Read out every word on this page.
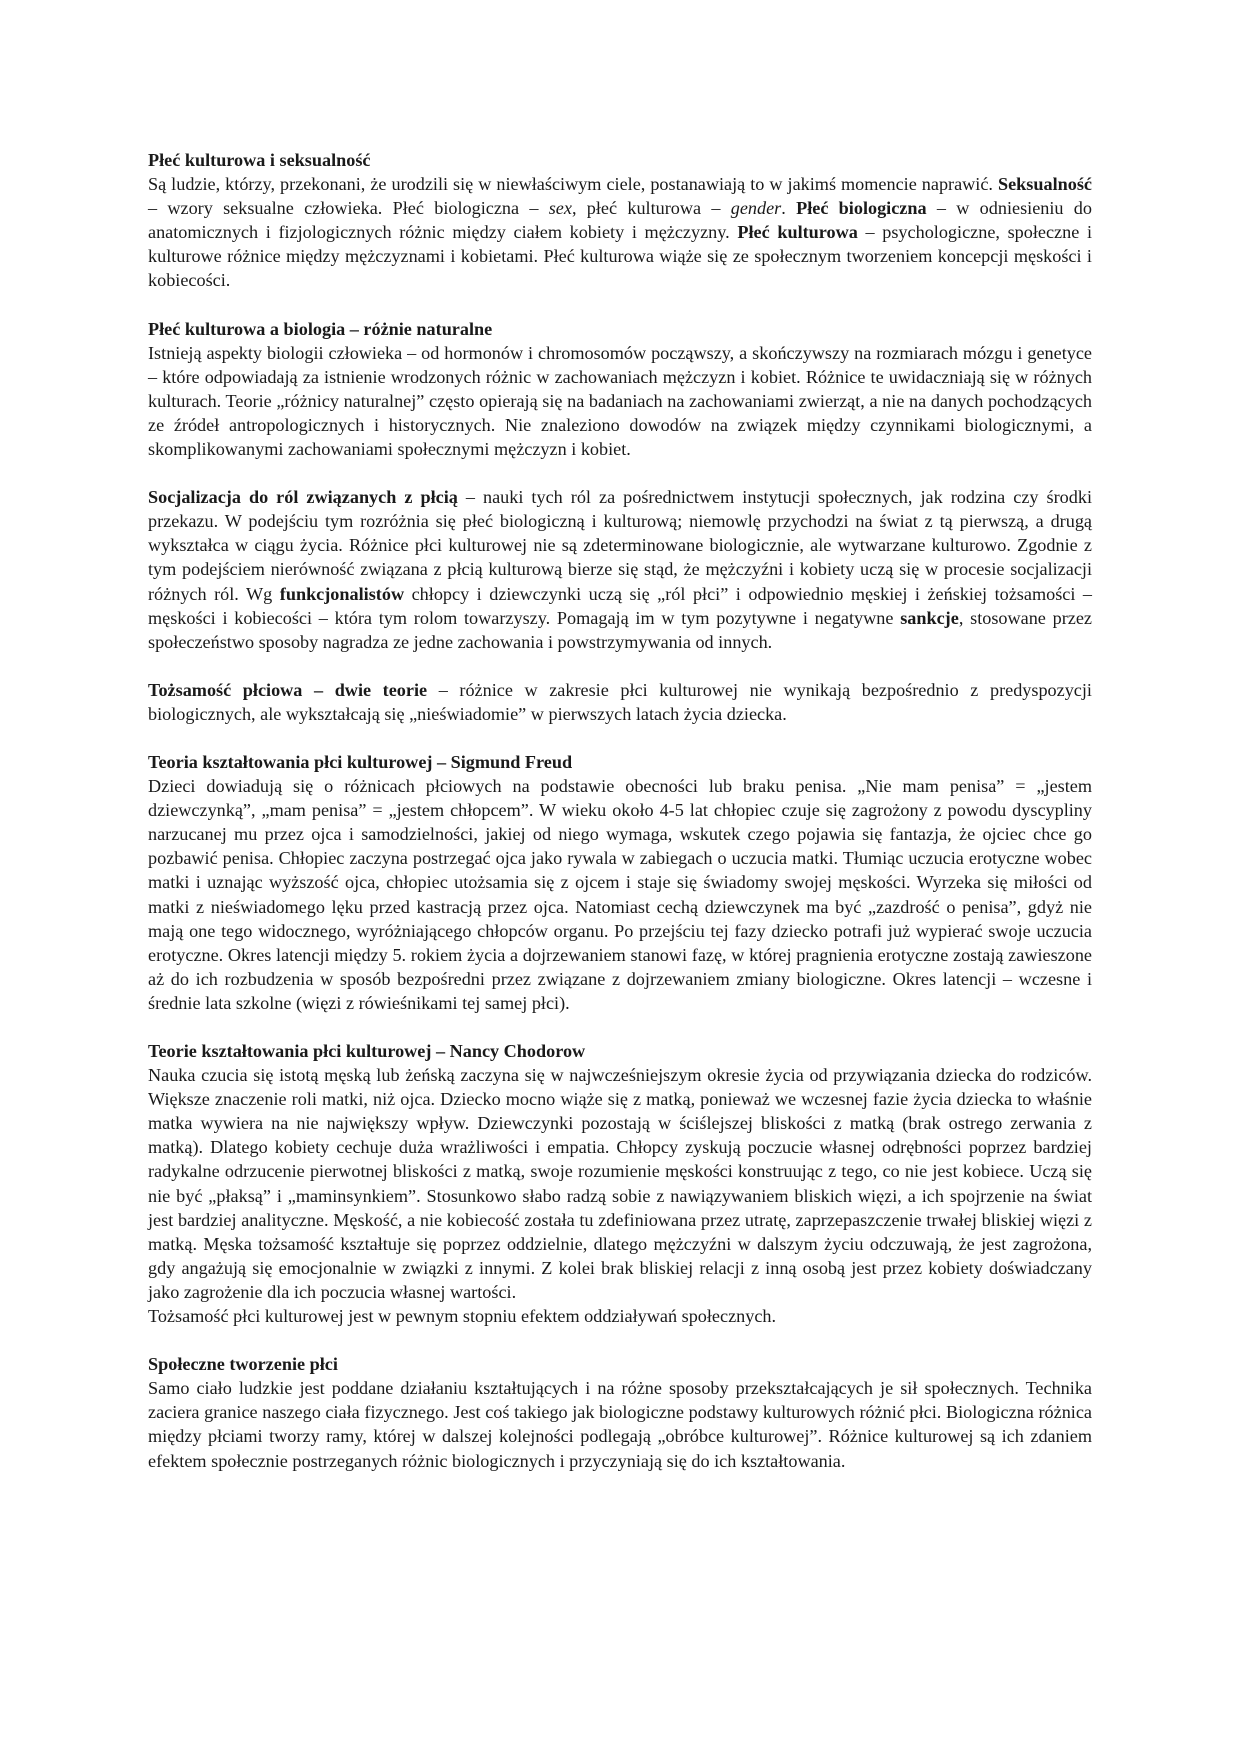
Płeć kulturowa i seksualność

Są ludzie, którzy, przekonani, że urodzili się w niewłaściwym ciele, postanawiają to w jakimś momencie naprawić. Seksualność – wzory seksualne człowieka. Płeć biologiczna – sex, płeć kulturowa – gender. Płeć biologiczna – w odniesieniu do anatomicznych i fizjologicznych różnic między ciałem kobiety i mężczyzny. Płeć kulturowa – psychologiczne, społeczne i kulturowe różnice między mężczyznami i kobietami. Płeć kulturowa wiąże się ze społecznym tworzeniem koncepcji męskości i kobiecości.

Płeć kulturowa a biologia – różnie naturalne

Istnieją aspekty biologii człowieka – od hormonów i chromosomów począwszy, a skończywszy na rozmiarach mózgu i genetyce – które odpowiadają za istnienie wrodzonych różnic w zachowaniach mężczyzn i kobiet. Różnice te uwidaczniają się w różnych kulturach. Teorie „różnicy naturalnej” często opierają się na badaniach na zachowaniami zwierząt, a nie na danych pochodzących ze źródeł antropologicznych i historycznych. Nie znaleziono dowodów na związek między czynnikami biologicznymi, a skomplikowanymi zachowaniami społecznymi mężczyzn i kobiet.

Socjalizacja do ról związanych z płcią – nauki tych ról za pośrednictwem instytucji społecznych, jak rodzina czy środki przekazu. W podejściu tym rozróżnia się płeć biologiczną i kulturową; niemowlę przychodzi na świat z tą pierwszą, a drugą wykształca w ciągu życia. Różnice płci kulturowej nie są zdeterminowane biologicznie, ale wytwarzane kulturowo. Zgodnie z tym podejściem nierówność związana z płcią kulturową bierze się stąd, że mężczyźni i kobiety uczą się w procesie socjalizacji różnych ról. Wg funkcjonalistów chłopcy i dziewczynki uczą się „ról płci” i odpowiednio męskiej i żeńskiej tożsamości – męskości i kobiecości – która tym rolom towarzyszy. Pomagają im w tym pozytywne i negatywne sankcje, stosowane przez społeczeństwo sposoby nagradza ze jedne zachowania i powstrzymywania od innych.

Tożsamość płciowa – dwie teorie – różnice w zakresie płci kulturowej nie wynikają bezpośrednio z predyspozycji biologicznych, ale wykształcają się „nieświadomie” w pierwszych latach życia dziecka.

Teoria kształtowania płci kulturowej – Sigmund Freud

Dzieci dowiadują się o różnicach płciowych na podstawie obecności lub braku penisa. „Nie mam penisa” = „jestem dziewczynką”, „mam penisa” = „jestem chłopcem”. W wieku około 4-5 lat chłopiec czuje się zagrożony z powodu dyscypliny narzucanej mu przez ojca i samodzielności, jakiej od niego wymaga, wskutek czego pojawia się fantazja, że ojciec chce go pozbawić penisa. Chłopiec zaczyna postrzegać ojca jako rywala w zabiegach o uczucia matki. Tłumiąc uczucia erotyczne wobec matki i uznając wyższość ojca, chłopiec utożsamia się z ojcem i staje się świadomy swojej męskości. Wyrzeka się miłości od matki z nieświadomego lęku przed kastracją przez ojca. Natomiast cechą dziewczynek ma być „zazdrość o penisa”, gdyż nie mają one tego widocznego, wyróżniającego chłopców organu. Po przejściu tej fazy dziecko potrafi już wypierać swoje uczucia erotyczne. Okres latencji między 5. rokiem życia a dojrzewaniem stanowi fazę, w której pragnienia erotyczne zostają zawieszone aż do ich rozbudzenia w sposób bezpośredni przez związane z dojrzewaniem zmiany biologiczne. Okres latencji – wczesne i średnie lata szkolne (więzi z rówieśnikami tej samej płci).

Teorie kształtowania płci kulturowej – Nancy Chodorow

Nauka czucia się istotą męską lub żeńską zaczyna się w najwcześniejszym okresie życia od przywiązania dziecka do rodziców. Większe znaczenie roli matki, niż ojca. Dziecko mocno wiąże się z matką, ponieważ we wczesnej fazie życia dziecka to właśnie matka wywiera na nie największy wpływ. Dziewczynki pozostają w ściślejszej bliskości z matką (brak ostrego zerwania z matką). Dlatego kobiety cechuje duża wrażliwości i empatia. Chłopcy zyskują poczucie własnej odrębności poprzez bardziej radykalne odrzucenie pierwotnej bliskości z matką, swoje rozumienie męskości konstruując z tego, co nie jest kobiece. Uczą się nie być „płaksą” i „maminsynkiem”. Stosunkowo słabo radzą sobie z nawiązywaniem bliskich więzi, a ich spojrzenie na świat jest bardziej analityczne. Męskość, a nie kobiecość została tu zdefiniowana przez utratę, zaprzepaszczenie trwałej bliskiej więzi z matką. Męska tożsamość kształtuje się poprzez oddzielnie, dlatego mężczyźni w dalszym życiu odczuwają, że jest zagrożona, gdy angażują się emocjonalnie w związki z innymi. Z kolei brak bliskiej relacji z inną osobą jest przez kobiety doświadczany jako zagrożenie dla ich poczucia własnej wartości.

Tożsamość płci kulturowej jest w pewnym stopniu efektem oddziaływań społecznych.

Społeczne tworzenie płci

Samo ciało ludzkie jest poddane działaniu kształtujących i na różne sposoby przekształcających je sił społecznych. Technika zaciera granice naszego ciała fizycznego. Jest coś takiego jak biologiczne podstawy kulturowych różnić płci. Biologiczna różnica między płciami tworzy ramy, której w dalszej kolejności podlegają „obróbce kulturowej”. Różnice kulturowej są ich zdaniem efektem społecznie postrzeganych różnic biologicznych i przyczyniają się do ich kształtowania.
